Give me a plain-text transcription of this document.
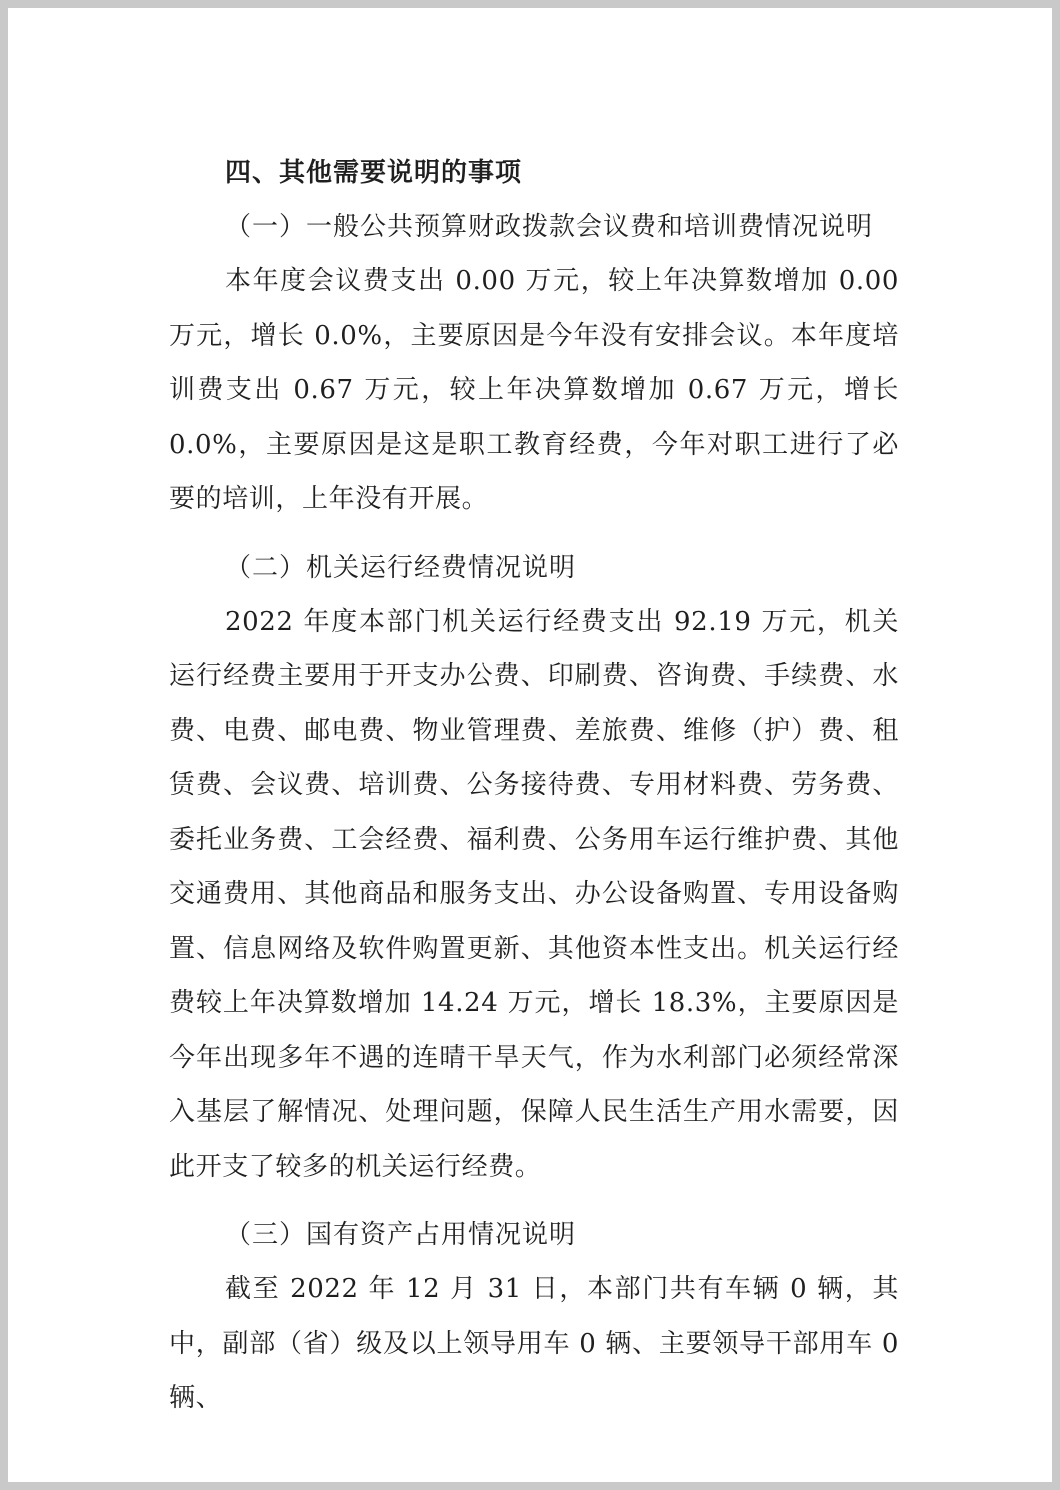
四、其他需要说明的事项
（一）一般公共预算财政拨款会议费和培训费情况说明

本年度会议费支出 0.00 万元，较上年决算数增加 0.00 万元，增长 0.0%，主要原因是今年没有安排会议。本年度培训费支出 0.67 万元，较上年决算数增加 0.67 万元，增长 0.0%，主要原因是这是职工教育经费，今年对职工进行了必要的培训，上年没有开展。

（二）机关运行经费情况说明

2022 年度本部门机关运行经费支出 92.19 万元，机关运行经费主要用于开支办公费、印刷费、咨询费、手续费、水费、电费、邮电费、物业管理费、差旅费、维修（护）费、租赁费、会议费、培训费、公务接待费、专用材料费、劳务费、委托业务费、工会经费、福利费、公务用车运行维护费、其他交通费用、其他商品和服务支出、办公设备购置、专用设备购置、信息网络及软件购置更新、其他资本性支出。机关运行经费较上年决算数增加 14.24 万元，增长 18.3%，主要原因是今年出现多年不遇的连晴干旱天气，作为水利部门必须经常深入基层了解情况、处理问题，保障人民生活生产用水需要，因此开支了较多的机关运行经费。

（三）国有资产占用情况说明

截至 2022 年 12 月 31 日，本部门共有车辆 0 辆，其中，副部（省）级及以上领导用车 0 辆、主要领导干部用车 0 辆、
